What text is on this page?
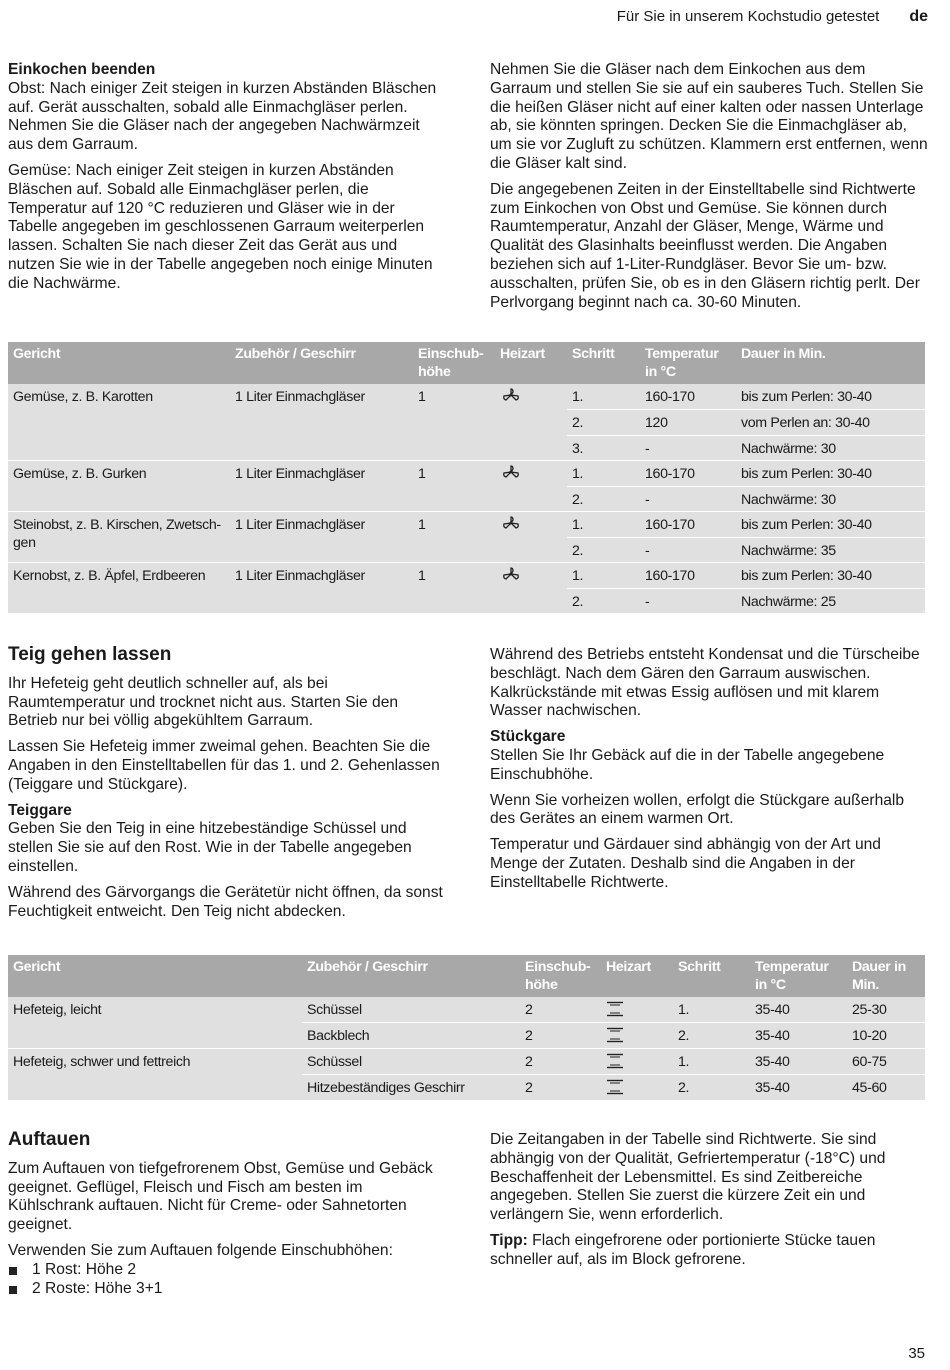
Für Sie in unserem Kochstudio getestet de
Einkochen beenden

Obst: Nach einiger Zeit steigen in kurzen Abständen Bläschen auf. Gerät ausschalten, sobald alle Einmachgläser perlen. Nehmen Sie die Gläser nach der angegeben Nachwärmzeit aus dem Garraum.

Gemüse: Nach einiger Zeit steigen in kurzen Abständen Bläschen auf. Sobald alle Einmachgläser perlen, die Temperatur auf 120 °C reduzieren und Gläser wie in der Tabelle angegeben im geschlossenen Garraum weiterperlen lassen. Schalten Sie nach dieser Zeit das Gerät aus und nutzen Sie wie in der Tabelle angegeben noch einige Minuten die Nachwärme.

Nehmen Sie die Gläser nach dem Einkochen aus dem Garraum und stellen Sie sie auf ein sauberes Tuch. Stellen Sie die heißen Gläser nicht auf einer kalten oder nassen Unterlage ab, sie könnten springen. Decken Sie die Einmachgläser ab, um sie vor Zugluft zu schützen. Klammern erst entfernen, wenn die Gläser kalt sind.

Die angegebenen Zeiten in der Einstelltabelle sind Richtwerte zum Einkochen von Obst und Gemüse. Sie können durch Raumtemperatur, Anzahl der Gläser, Menge, Wärme und Qualität des Glasinhalts beeinflusst werden. Die Angaben beziehen sich auf 1-Liter-Rundgläser. Bevor Sie um- bzw. ausschalten, prüfen Sie, ob es in den Gläsern richtig perlt. Der Perlvorgang beginnt nach ca. 30-60 Minuten.

Gericht	Zubehör / Geschirr	Einschub-höhe	Heizart	Schritt	Temperatur in °C	Dauer in Min.
Gemüse, z. B. Karotten	1 Liter Einmachgläser	1		1.	160-170	bis zum Perlen: 30-40
				2.	120	vom Perlen an: 30-40
				3.	-	Nachwärme: 30
Gemüse, z. B. Gurken	1 Liter Einmachgläser	1		1.	160-170	bis zum Perlen: 30-40
				2.	-	Nachwärme: 30
Steinobst, z. B. Kirschen, Zwetsch-gen	1 Liter Einmachgläser	1		1.	160-170	bis zum Perlen: 30-40
				2.	-	Nachwärme: 35
Kernobst, z. B. Äpfel, Erdbeeren	1 Liter Einmachgläser	1		1.	160-170	bis zum Perlen: 30-40
				2.	-	Nachwärme: 25
Teig gehen lassen

Ihr Hefeteig geht deutlich schneller auf, als bei Raumtemperatur und trocknet nicht aus. Starten Sie den Betrieb nur bei völlig abgekühltem Garraum.

Lassen Sie Hefeteig immer zweimal gehen. Beachten Sie die Angaben in den Einstelltabellen für das 1. und 2. Gehenlassen (Teiggare und Stückgare).

Teiggare

Geben Sie den Teig in eine hitzebeständige Schüssel und stellen Sie sie auf den Rost. Wie in der Tabelle angegeben einstellen.

Während des Gärvorgangs die Gerätetür nicht öffnen, da sonst Feuchtigkeit entweicht. Den Teig nicht abdecken.

Während des Betriebs entsteht Kondensat und die Türscheibe beschlägt. Nach dem Gären den Garraum auswischen. Kalkrückstände mit etwas Essig auflösen und mit klarem Wasser nachwischen.

Stückgare

Stellen Sie Ihr Gebäck auf die in der Tabelle angegebene Einschubhöhe.

Wenn Sie vorheizen wollen, erfolgt die Stückgare außerhalb des Gerätes an einem warmen Ort.

Temperatur und Gärdauer sind abhängig von der Art und Menge der Zutaten. Deshalb sind die Angaben in der Einstelltabelle Richtwerte.

Gericht	Zubehör / Geschirr	Einschub-höhe	Heizart	Schritt	Temperatur in °C	Dauer in Min.
Hefeteig, leicht	Schüssel	2		1.	35-40	25-30
	Backblech	2		2.	35-40	10-20
Hefeteig, schwer und fettreich	Schüssel	2		1.	35-40	60-75
	Hitzebeständiges Geschirr	2		2.	35-40	45-60
Auftauen

Zum Auftauen von tiefgefrorenem Obst, Gemüse und Gebäck geeignet. Geflügel, Fleisch und Fisch am besten im Kühlschrank auftauen. Nicht für Creme- oder Sahnetorten geeignet.

Verwenden Sie zum Auftauen folgende Einschubhöhen:

1 Rost: Höhe 2
2 Roste: Höhe 3+1

Die Zeitangaben in der Tabelle sind Richtwerte. Sie sind abhängig von der Qualität, Gefriertemperatur (-18°C) und Beschaffenheit der Lebensmittel. Es sind Zeitbereiche angegeben. Stellen Sie zuerst die kürzere Zeit ein und verlängern Sie, wenn erforderlich.

Tipp: Flach eingefrorene oder portionierte Stücke tauen schneller auf, als im Block gefrorene.

35
